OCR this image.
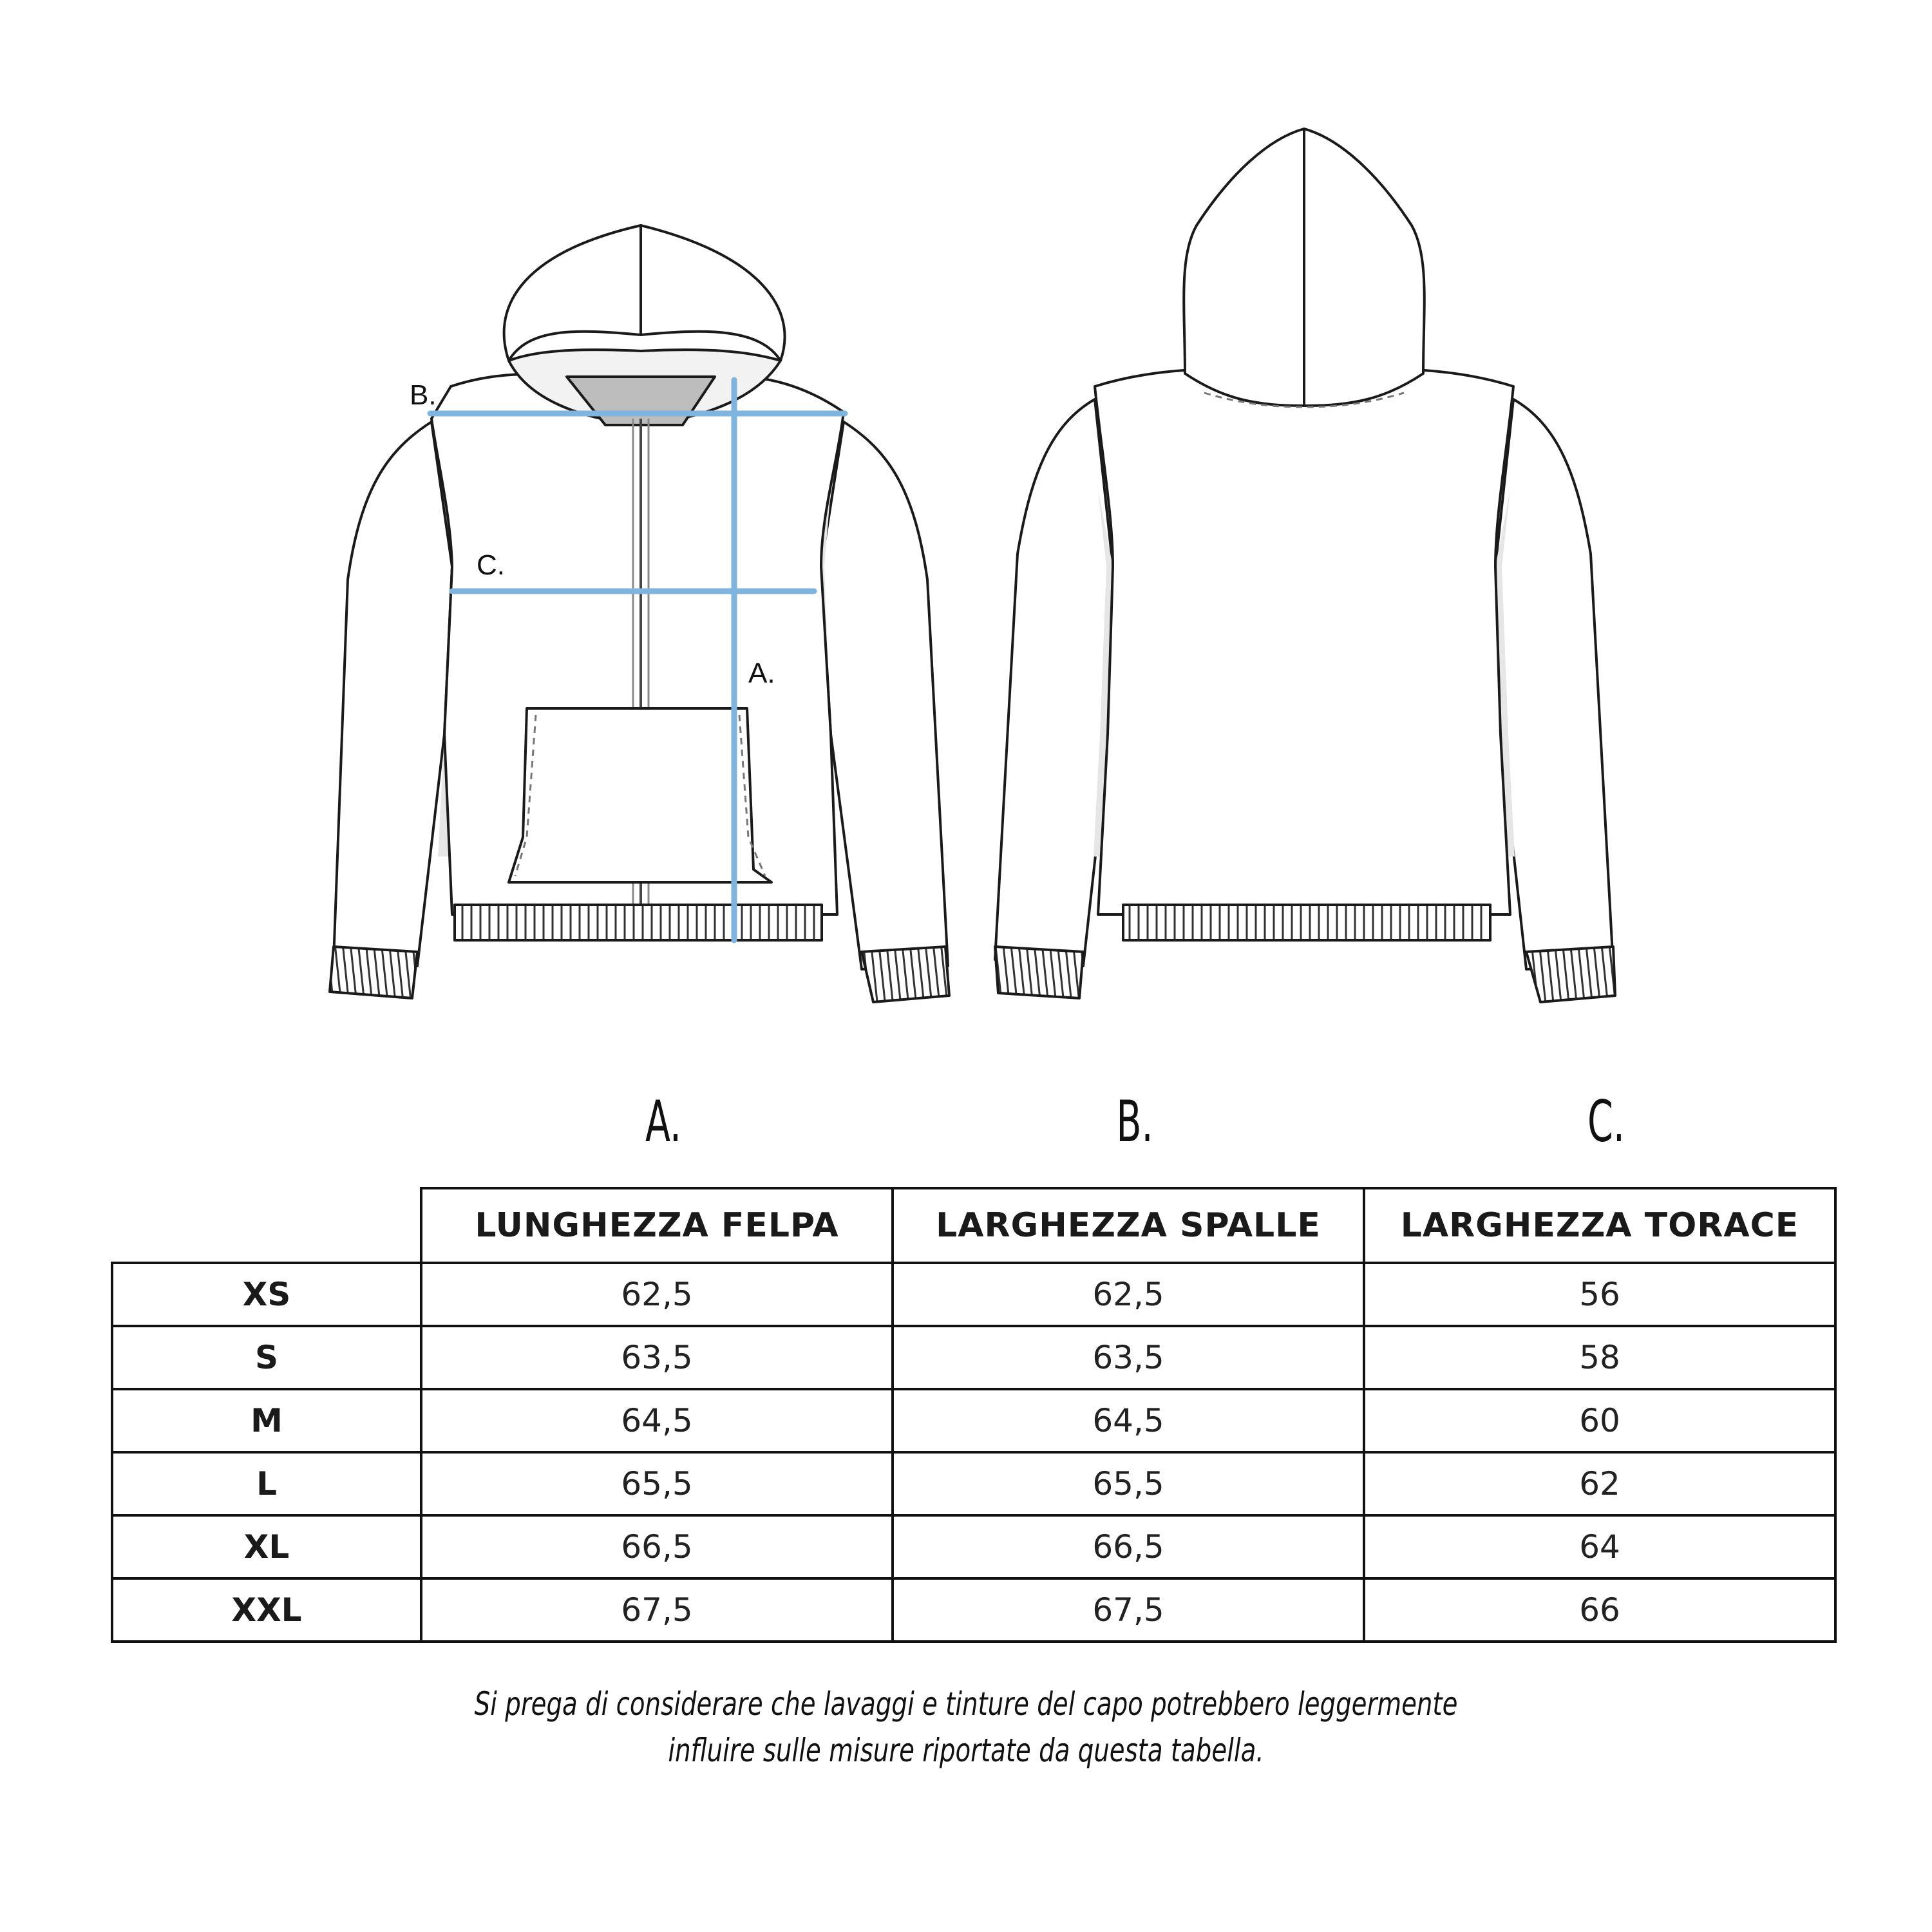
B.
C.
A.
A.	B.	C.
	LUNGHEZZA FELPA	LARGHEZZA SPALLE	LARGHEZZA TORACE
XS	62,5	62,5	56
S	63,5	63,5	58
M	64,5	64,5	60
L	65,5	65,5	62
XL	66,5	66,5	64
XXL	67,5	67,5	66
Si prega di considerare che lavaggi e tinture del capo potrebbero leggermente
influire sulle misure riportate da questa tabella.
